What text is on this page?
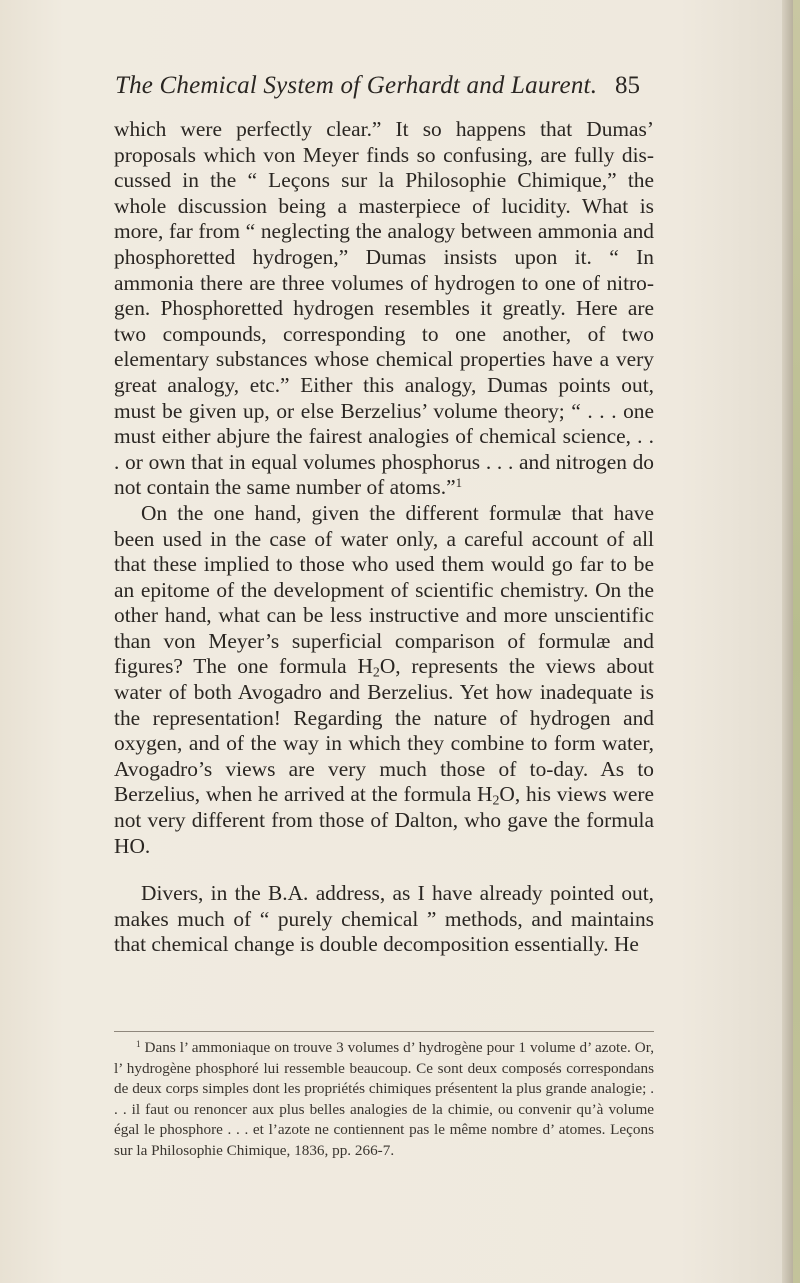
The Chemical System of Gerhardt and Laurent. 85

which were perfectly clear.” It so happens that Dumas’ proposals which von Meyer finds so confusing, are fully discussed in the “ Leçons sur la Philosophie Chimique,” the whole discussion being a masterpiece of lucidity. What is more, far from “ neglecting the analogy between ammonia and phosphoretted hydrogen,” Dumas insists upon it. “ In ammonia there are three volumes of hydrogen to one of nitrogen. Phosphoretted hydrogen resembles it greatly. Here are two compounds, corresponding to one another, of two elementary substances whose chemical properties have a very great analogy, etc.” Either this analogy, Dumas points out, must be given up, or else Berzelius’ volume theory; “ . . . one must either abjure the fairest analogies of chemical science, . . . or own that in equal volumes phosphorus . . . and nitrogen do not contain the same number of atoms.”$^1$

On the one hand, given the different formulæ that have been used in the case of water only, a careful account of all that these implied to those who used them would go far to be an epitome of the development of scientific chemistry. On the other hand, what can be less instructive and more unscientific than von Meyer’s superficial comparison of formulæ and figures? The one formula $H_2O$, represents the views about water of both Avogadro and Berzelius. Yet how inadequate is the representation! Regarding the nature of hydrogen and oxygen, and of the way in which they combine to form water, Avogadro’s views are very much those of to-day. As to Berzelius, when he arrived at the formula $H_2O$, his views were not very different from those of Dalton, who gave the formula HO.

Divers, in the B.A. address, as I have already pointed out, makes much of “ purely chemical ” methods, and maintains that chemical change is double decomposition essentially. He

$^1$ Dans l’ ammoniaque on trouve 3 volumes d’ hydrogène pour 1 volume d’ azote. Or, l’ hydrogène phosphoré lui ressemble beaucoup. Ce sont deux composés correspondans de deux corps simples dont les propriétés chimiques présentent la plus grande analogie; . . . il faut ou renoncer aux plus belles analogies de la chimie, ou convenir qu’à volume égal le phosphore . . . et l’azote ne contiennent pas le même nombre d’ atomes. Leçons sur la Philosophie Chimique, 1836, pp. 266-7.
